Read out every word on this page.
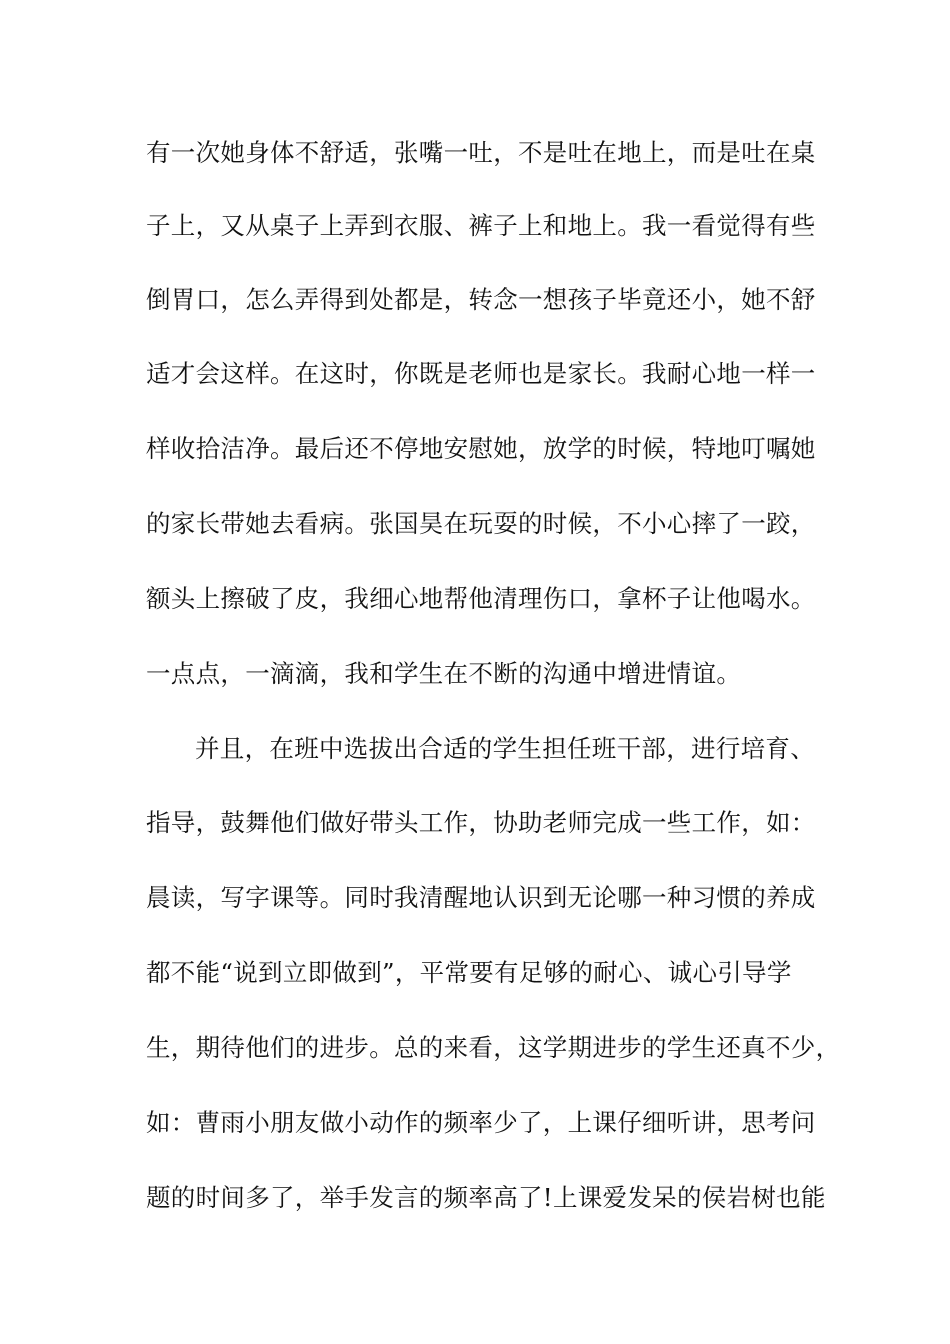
有一次她身体不舒适，张嘴一吐，不是吐在地上，而是吐在桌
子上，又从桌子上弄到衣服、裤子上和地上。我一看觉得有些
倒胃口，怎么弄得到处都是，转念一想孩子毕竟还小，她不舒
适才会这样。在这时，你既是老师也是家长。我耐心地一样一
样收拾洁净。最后还不停地安慰她，放学的时候，特地叮嘱她
的家长带她去看病。张国昊在玩耍的时候，不小心摔了一跤，
额头上擦破了皮，我细心地帮他清理伤口，拿杯子让他喝水。
一点点，一滴滴，我和学生在不断的沟通中增进情谊。
并且，在班中选拔出合适的学生担任班干部，进行培育、
指导，鼓舞他们做好带头工作，协助老师完成一些工作，如：
晨读，写字课等。同时我清醒地认识到无论哪一种习惯的养成
都不能“说到立即做到”，平常要有足够的耐心、诚心引导学
生，期待他们的进步。总的来看，这学期进步的学生还真不少，
如：曹雨小朋友做小动作的频率少了，上课仔细听讲，思考问
题的时间多了，举手发言的频率高了!上课爱发呆的侯岩树也能
